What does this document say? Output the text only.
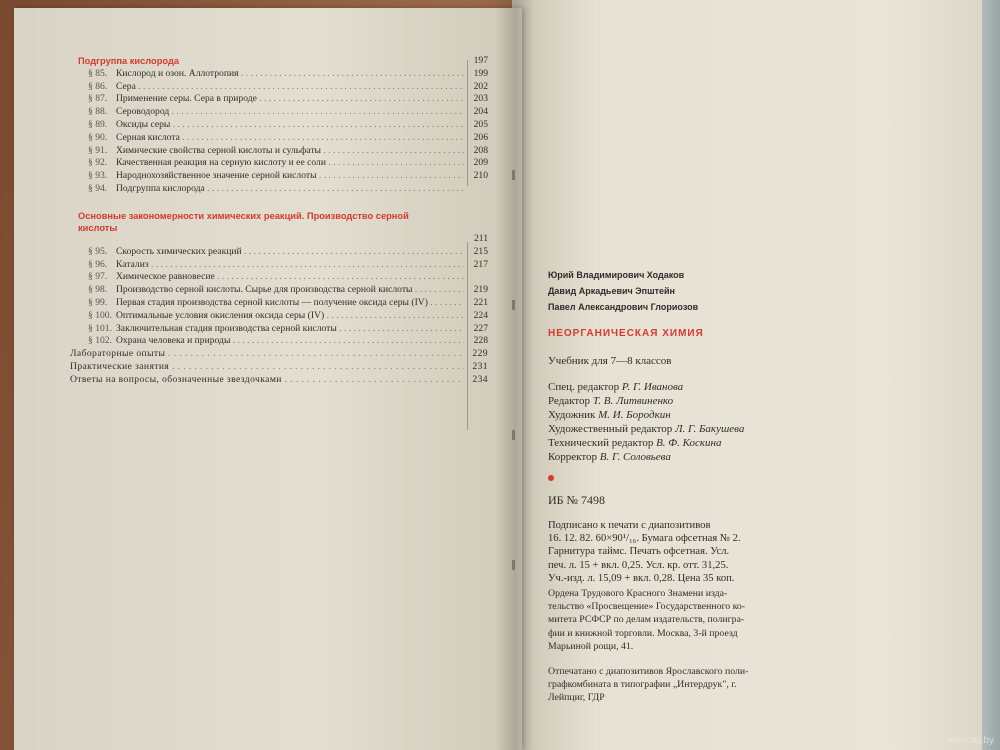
Подгруппа кислорода	197
§ 85. Кислород и озон. Аллотропия . . .	199
§ 86. Сера . . .	202
§ 87. Применение серы. Сера в природе . . .	203
§ 88. Сероводород . . .	204
§ 89. Оксиды серы . . .	205
§ 90. Серная кислота . . .	206
§ 91. Химические свойства серной кислоты и сульфаты . . .	208
§ 92. Качественная реакция на серную кислоту и ее соли . . .	209
§ 93. Народнохозяйственное значение серной кислоты . . .	210
§ 94. Подгруппа кислорода . . .
Основные закономерности химических реакций. Производство серной кислоты
211
§ 95. Скорость химических реакций . . .	215
§ 96. Катализ . . .	217
§ 97. Химическое равновесие . . .
§ 98. Производство серной кислоты. Сырье для производства серной кислоты . . .	219
§ 99. Первая стадия производства серной кислоты — получение оксида серы (IV) . . .	221
§ 100. Оптимальные условия окисления оксида серы (IV) . . .	224
§ 101. Заключительная стадия производства серной кислоты . . .	227
§ 102. Охрана человека и природы . . .	228
Лабораторные опыты . . .	229
Практические занятия . . .	231
Ответы на вопросы, обозначенные звездочками . . .	234
Юрий Владимирович Ходаков
Давид Аркадьевич Эпштейн
Павел Александрович Глориозов
НЕОРГАНИЧЕСКАЯ ХИМИЯ
Учебник для 7—8 классов
Спец. редактор Р. Г. Иванова
Редактор Т. В. Литвиненко
Художник М. И. Бородкин
Художественный редактор Л. Г. Бакушева
Технический редактор В. Ф. Коскина
Корректор В. Г. Соловьева
ИБ № 7498
Подписано к печати с диапозитивов
16. 12. 82. 60×90¹/₁₆. Бумага офсетная № 2.
Гарнитура таймс. Печать офсетная. Усл.
печ. л. 15 + вкл. 0,25. Усл. кр. отт. 31,25.
Уч.-изд. л. 15,09 + вкл. 0,28. Цена 35 коп.
Ордена Трудового Красного Знамени изда-
тельство «Просвещение» Государственного ко-
митета РСФСР по делам издательств, полигра-
фии и книжной торговли. Москва, 3-й проезд
Марьиной рощи, 41.
Отпечатано с диапозитивов Ярославского поли-
графкомбината в типографии „Интердрук", г.
Лейпциг, ГДР
www.ay.by
